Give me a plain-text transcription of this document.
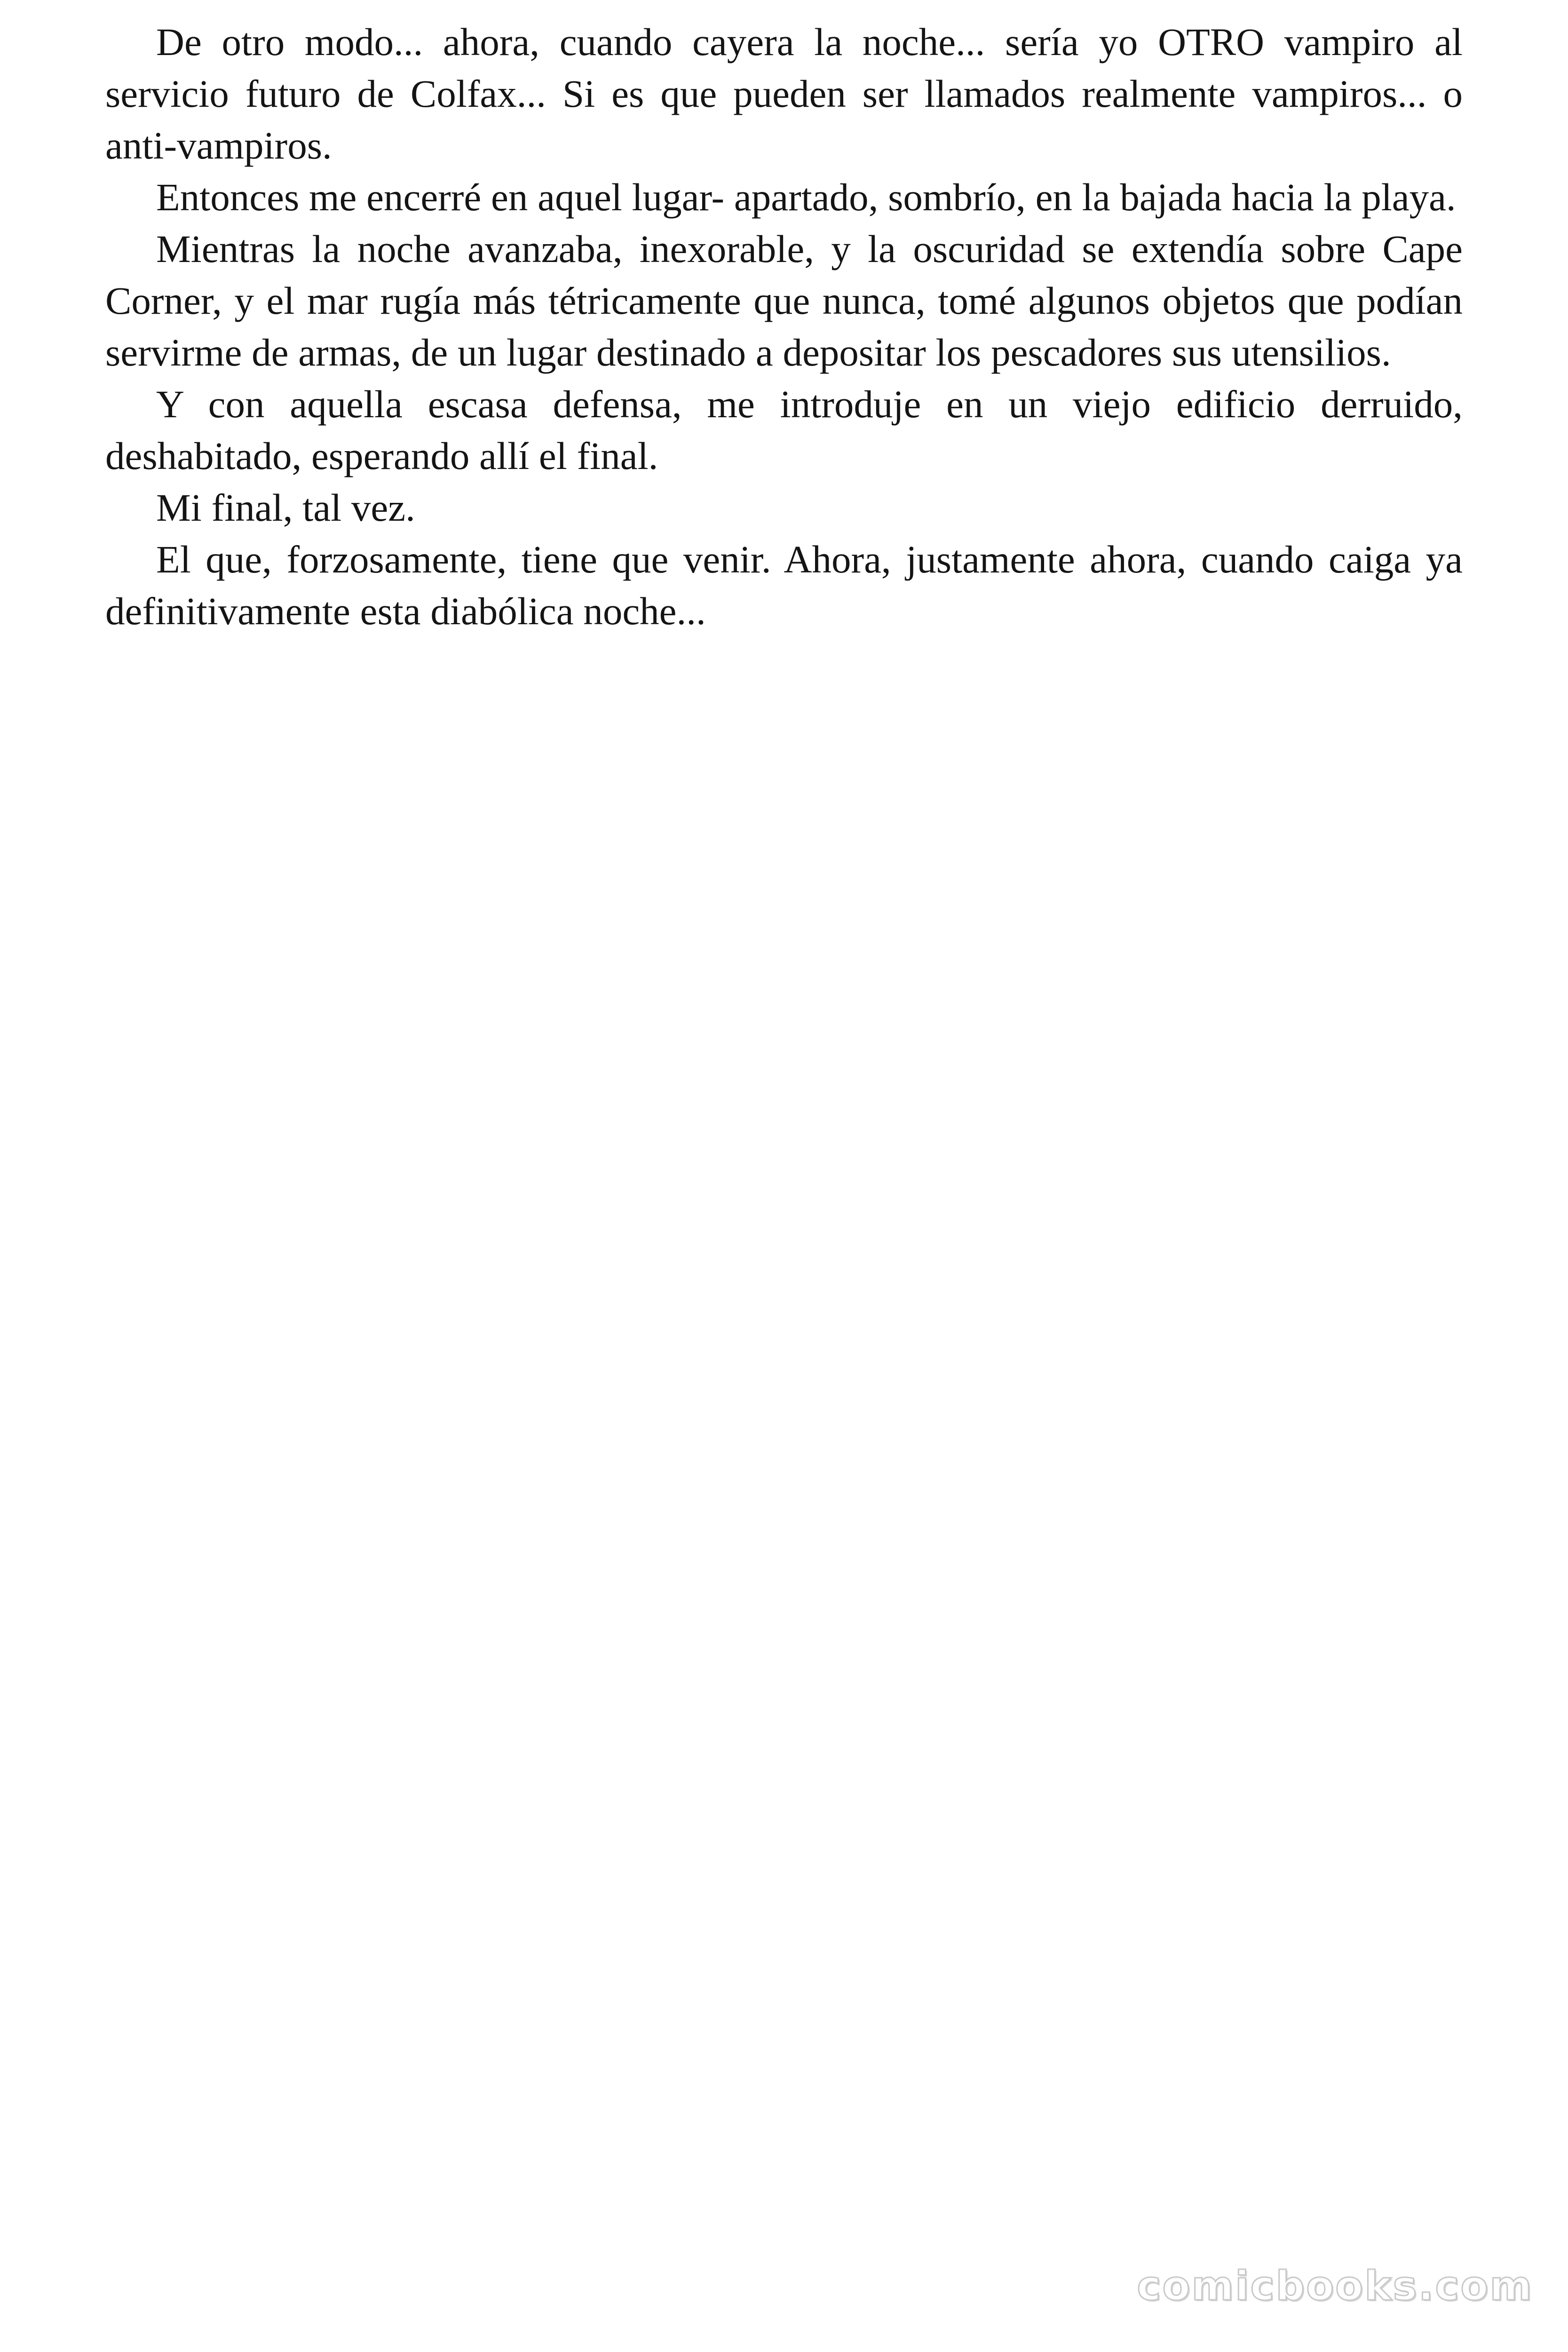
De otro modo... ahora, cuando cayera la noche... sería yo OTRO vampiro al servicio futuro de Colfax... Si es que pueden ser llamados realmente vampiros... o anti-vampiros.

Entonces me encerré en aquel lugar- apartado, sombrío, en la bajada hacia la playa.

Mientras la noche avanzaba, inexorable, y la oscuridad se extendía sobre Cape Corner, y el mar rugía más tétricamente que nunca, tomé algunos objetos que podían servirme de armas, de un lugar destinado a depositar los pescadores sus utensilios.

Y con aquella escasa defensa, me introduje en un viejo edificio derruido, deshabitado, esperando allí el final.

Mi final, tal vez.

El que, forzosamente, tiene que venir. Ahora, justamente ahora, cuando caiga ya definitivamente esta diabólica noche...

comicbooks.com
